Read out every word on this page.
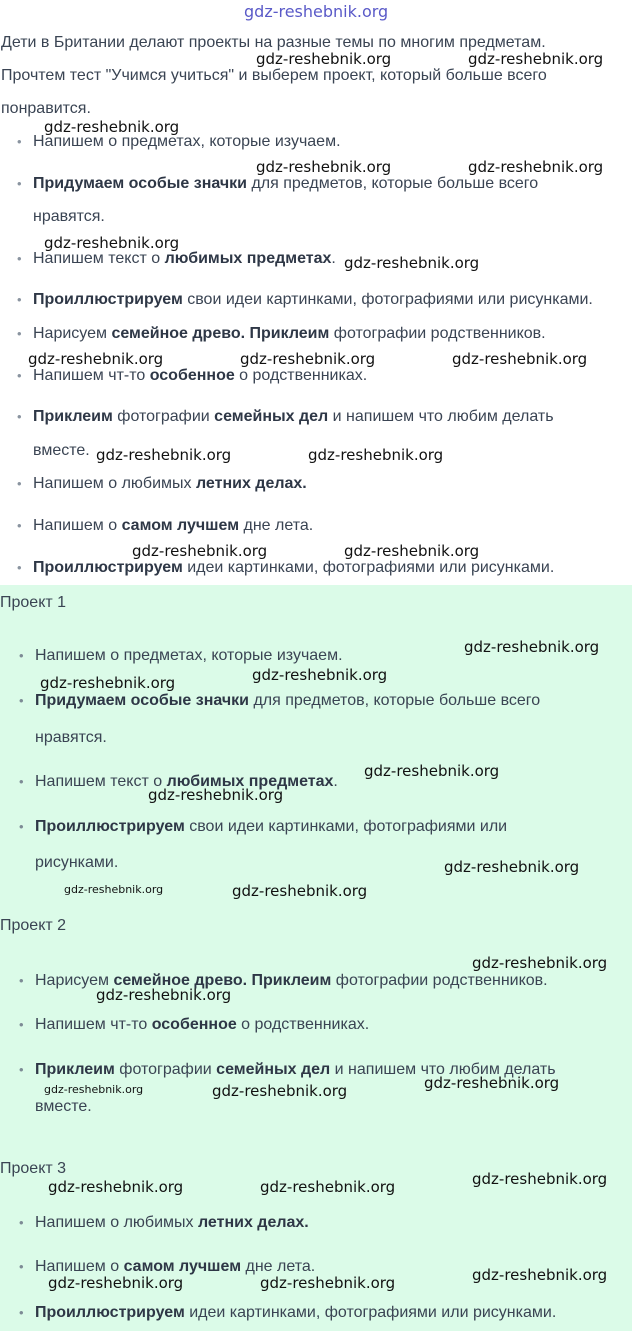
gdz-reshebnik.org
Дети в Британии делают проекты на разные темы по многим предметам.
Прочтем тест "Учимся учиться" и выберем проект, который больше всего
понравится.
• Напишем о предметах, которые изучаем.
• Придумаем особые значки для предметов, которые больше всего
нравятся.
• Напишем текст о любимых предметах.
• Проиллюстрируем свои идеи картинками, фотографиями или рисунками.
• Нарисуем семейное древо. Приклеим фотографии родственников.
• Напишем чт-то особенное о родственниках.
• Приклеим фотографии семейных дел и напишем что любим делать
вместе.
• Напишем о любимых летних делах.
• Напишем о самом лучшем дне лета.
• Проиллюстрируем идеи картинками, фотографиями или рисунками.
Проект 1
• Напишем о предметах, которые изучаем.
• Придумаем особые значки для предметов, которые больше всего
нравятся.
• Напишем текст о любимых предметах.
• Проиллюстрируем свои идеи картинками, фотографиями или
рисунками.
Проект 2
• Нарисуем семейное древо. Приклеим фотографии родственников.
• Напишем чт-то особенное о родственниках.
• Приклеим фотографии семейных дел и напишем что любим делать
вместе.
Проект 3
• Напишем о любимых летних делах.
• Напишем о самом лучшем дне лета.
• Проиллюстрируем идеи картинками, фотографиями или рисунками.
gdz-reshebnik.org	gdz-reshebnik.org
gdz-reshebnik.org
gdz-reshebnik.org	gdz-reshebnik.org
gdz-reshebnik.org
gdz-reshebnik.org
gdz-reshebnik.org	gdz-reshebnik.org	gdz-reshebnik.org
gdz-reshebnik.org	gdz-reshebnik.org
gdz-reshebnik.org	gdz-reshebnik.org
gdz-reshebnik.org
gdz-reshebnik.org
gdz-reshebnik.org
gdz-reshebnik.org
gdz-reshebnik.org
gdz-reshebnik.org
gdz-reshebnik.org	gdz-reshebnik.org
gdz-reshebnik.org
gdz-reshebnik.org
gdz-reshebnik.org	gdz-reshebnik.org	gdz-reshebnik.org
gdz-reshebnik.org	gdz-reshebnik.org	gdz-reshebnik.org
gdz-reshebnik.org	gdz-reshebnik.org	gdz-reshebnik.org
